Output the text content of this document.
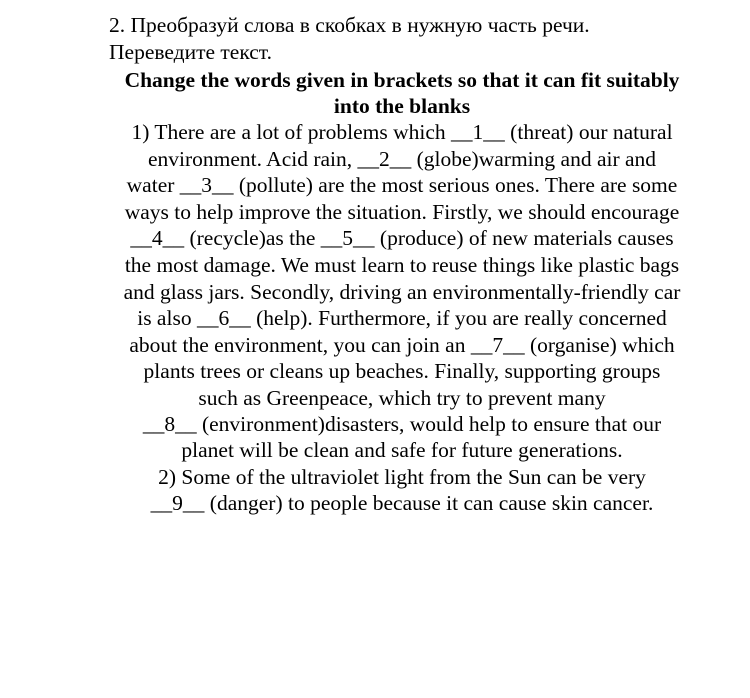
2. Преобразуй слова в скобках в нужную часть речи.
Переведите текст.
Change the words given in brackets so that it can fit suitably
into the blanks
1) There are a lot of problems which __1__ (threat) our natural
environment. Acid rain, __2__ (globe)warming and air and
water __3__ (pollute) are the most serious ones. There are some
ways to help improve the situation. Firstly, we should encourage
__4__ (recycle)as the __5__ (produce) of new materials causes
the most damage. We must learn to reuse things like plastic bags
and glass jars. Secondly, driving an environmentally-friendly car
is also __6__ (help). Furthermore, if you are really concerned
about the environment, you can join an __7__ (organise) which
plants trees or cleans up beaches. Finally, supporting groups
such as Greenpeace, which try to prevent many
__8__ (environment)disasters, would help to ensure that our
planet will be clean and safe for future generations.
2) Some of the ultraviolet light from the Sun can be very
__9__ (danger) to people because it can cause skin cancer.
